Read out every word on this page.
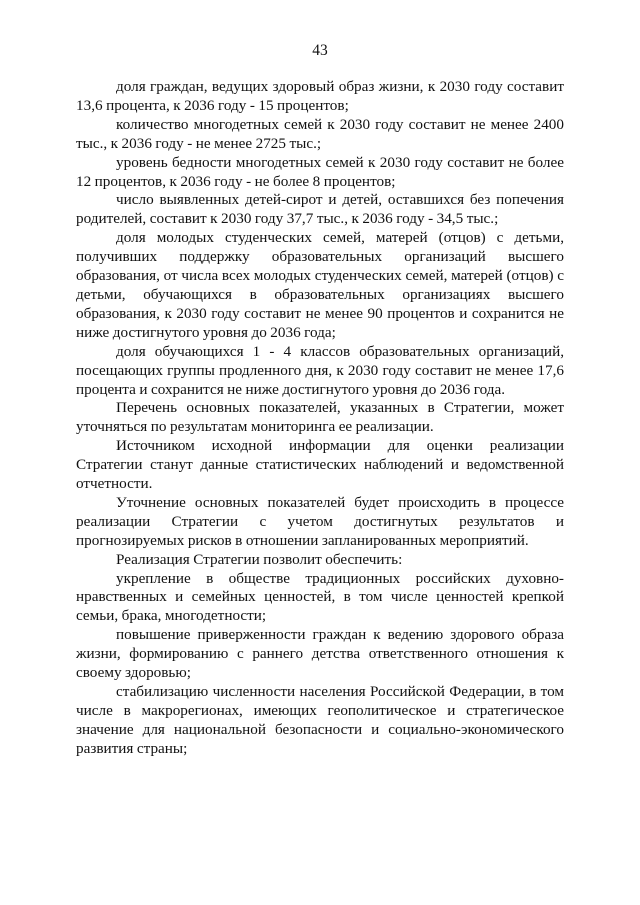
43

доля граждан, ведущих здоровый образ жизни, к 2030 году составит 13,6 процента, к 2036 году - 15 процентов;

количество многодетных семей к 2030 году составит не менее 2400 тыс., к 2036 году - не менее 2725 тыс.;

уровень бедности многодетных семей к 2030 году составит не более 12 процентов, к 2036 году - не более 8 процентов;

число выявленных детей-сирот и детей, оставшихся без попечения родителей, составит к 2030 году 37,7 тыс., к 2036 году - 34,5 тыс.;

доля молодых студенческих семей, матерей (отцов) с детьми, получивших поддержку образовательных организаций высшего образования, от числа всех молодых студенческих семей, матерей (отцов) с детьми, обучающихся в образовательных организациях высшего образования, к 2030 году составит не менее 90 процентов и сохранится не ниже достигнутого уровня до 2036 года;

доля обучающихся 1 - 4 классов образовательных организаций, посещающих группы продленного дня, к 2030 году составит не менее 17,6 процента и сохранится не ниже достигнутого уровня до 2036 года.

Перечень основных показателей, указанных в Стратегии, может уточняться по результатам мониторинга ее реализации.

Источником исходной информации для оценки реализации Стратегии станут данные статистических наблюдений и ведомственной отчетности.

Уточнение основных показателей будет происходить в процессе реализации Стратегии с учетом достигнутых результатов и прогнозируемых рисков в отношении запланированных мероприятий.

Реализация Стратегии позволит обеспечить:

укрепление в обществе традиционных российских духовно-нравственных и семейных ценностей, в том числе ценностей крепкой семьи, брака, многодетности;

повышение приверженности граждан к ведению здорового образа жизни, формированию с раннего детства ответственного отношения к своему здоровью;

стабилизацию численности населения Российской Федерации, в том числе в макрорегионах, имеющих геополитическое и стратегическое значение для национальной безопасности и социально-экономического развития страны;
